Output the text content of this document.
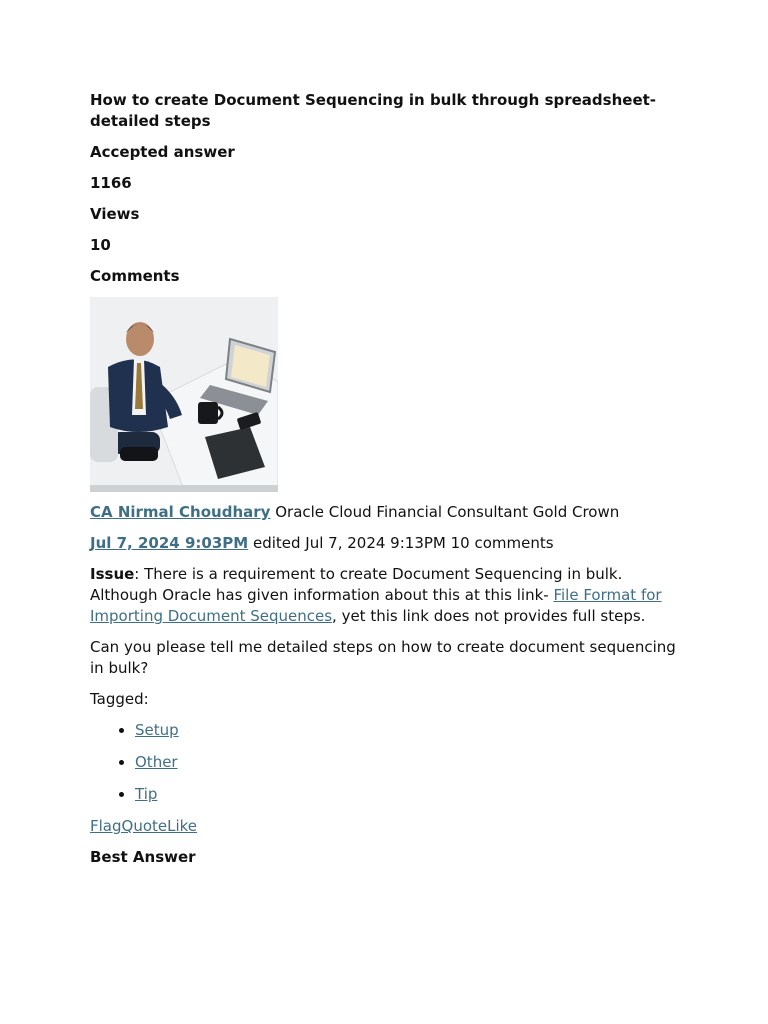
How to create Document Sequencing in bulk through spreadsheet- detailed steps
Accepted answer
1166
Views
10
Comments
CA Nirmal Choudhary Oracle Cloud Financial Consultant Gold Crown
Jul 7, 2024 9:03PM edited Jul 7, 2024 9:13PM 10 comments

Issue: There is a requirement to create Document Sequencing in bulk. Although Oracle has given information about this at this link- File Format for Importing Document Sequences, yet this link does not provides full steps.

Can you please tell me detailed steps on how to create document sequencing in bulk?

Tagged:

• Setup
• Other
• Tip
FlagQuoteLike
Best Answer
